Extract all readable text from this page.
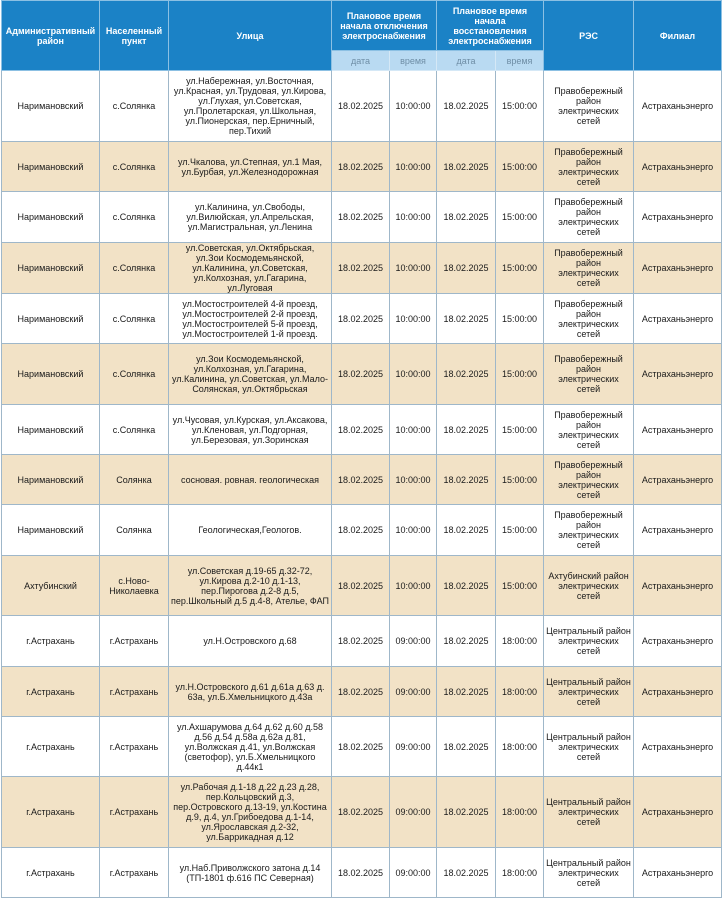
Административный район	Населенный пункт	Улица	Плановое время начала отключения электроснабжения		Плановое время начала восстановления электроснабжения		РЭС	Филиал
			дата	время	дата	время		
Наримановский	с.Солянка	ул.Набережная, ул.Восточная, ул.Красная, ул.Трудовая, ул.Кирова, ул.Глухая, ул.Советская, ул.Пролетарская, ул.Школьная, ул.Пионерская, пер.Ерничный, пер.Тихий	18.02.2025	10:00:00	18.02.2025	15:00:00	Правобережный район электрических сетей	Астраханьэнерго
Наримановский	с.Солянка	ул.Чкалова, ул.Степная, ул.1 Мая, ул.Бурбая, ул.Железнодорожная	18.02.2025	10:00:00	18.02.2025	15:00:00	Правобережный район электрических сетей	Астраханьэнерго
Наримановский	с.Солянка	ул.Калинина, ул.Свободы, ул.Вилюйская, ул.Апрельская, ул.Магистральная, ул.Ленина	18.02.2025	10:00:00	18.02.2025	15:00:00	Правобережный район электрических сетей	Астраханьэнерго
Наримановский	с.Солянка	ул.Советская, ул.Октябрьская, ул.Зои Космодемьянской, ул.Калинина, ул.Советская, ул.Колхозная, ул.Гагарина, ул.Луговая	18.02.2025	10:00:00	18.02.2025	15:00:00	Правобережный район электрических сетей	Астраханьэнерго
Наримановский	с.Солянка	ул.Мостостроителей 4-й проезд, ул.Мостостроителей 2-й проезд, ул.Мостостроителей 5-й проезд, ул.Мостостроителей 1-й проезд.	18.02.2025	10:00:00	18.02.2025	15:00:00	Правобережный район электрических сетей	Астраханьэнерго
Наримановский	с.Солянка	ул.Зои Космодемьянской, ул.Колхозная, ул.Гагарина, ул.Калинина, ул.Советская, ул.Мало-Солянская, ул.Октябрьская	18.02.2025	10:00:00	18.02.2025	15:00:00	Правобережный район электрических сетей	Астраханьэнерго
Наримановский	с.Солянка	ул.Чусовая, ул.Курская, ул.Аксакова, ул.Кленовая, ул.Подгорная, ул.Березовая, ул.Зоринская	18.02.2025	10:00:00	18.02.2025	15:00:00	Правобережный район электрических сетей	Астраханьэнерго
Наримановский	Солянка	сосновая. ровная. геологическая	18.02.2025	10:00:00	18.02.2025	15:00:00	Правобережный район электрических сетей	Астраханьэнерго
Наримановский	Солянка	Геологическая,Геологов.	18.02.2025	10:00:00	18.02.2025	15:00:00	Правобережный район электрических сетей	Астраханьэнерго
Ахтубинский	с.Ново-Николаевка	ул.Советская д.19-65 д.32-72, ул.Кирова д.2-10 д.1-13, пер.Пирогова д.2-8 д.5, пер.Школьный д.5 д.4-8, Ателье, ФАП	18.02.2025	10:00:00	18.02.2025	15:00:00	Ахтубинский район электрических сетей	Астраханьэнерго
г.Астрахань	г.Астрахань	ул.Н.Островского д.68	18.02.2025	09:00:00	18.02.2025	18:00:00	Центральный район электрических сетей	Астраханьэнерго
г.Астрахань	г.Астрахань	ул.Н.Островского д.61 д.61а д.63 д. 63а, ул.Б.Хмельницкого д.43а	18.02.2025	09:00:00	18.02.2025	18:00:00	Центральный район электрических сетей	Астраханьэнерго
г.Астрахань	г.Астрахань	ул.Ахшарумова д.64 д.62 д.60 д.58 д.56 д.54 д.58а д.62а д.81, ул.Волжская д.41, ул.Волжская (светофор), ул.Б.Хмельницкого д.44к1	18.02.2025	09:00:00	18.02.2025	18:00:00	Центральный район электрических сетей	Астраханьэнерго
г.Астрахань	г.Астрахань	ул.Рабочая д.1-18 д.22 д.23 д.28, пер.Кольцовский д.3, пер.Островского д.13-19, ул.Костина д.9, д.4, ул.Грибоедова д.1-14, ул.Ярославская д.2-32, ул.Баррикадная д.12	18.02.2025	09:00:00	18.02.2025	18:00:00	Центральный район электрических сетей	Астраханьэнерго
г.Астрахань	г.Астрахань	ул.Наб.Приволжского затона д.14 (ТП-1801 ф.616 ПС Северная)	18.02.2025	09:00:00	18.02.2025	18:00:00	Центральный район электрических сетей	Астраханьэнерго
